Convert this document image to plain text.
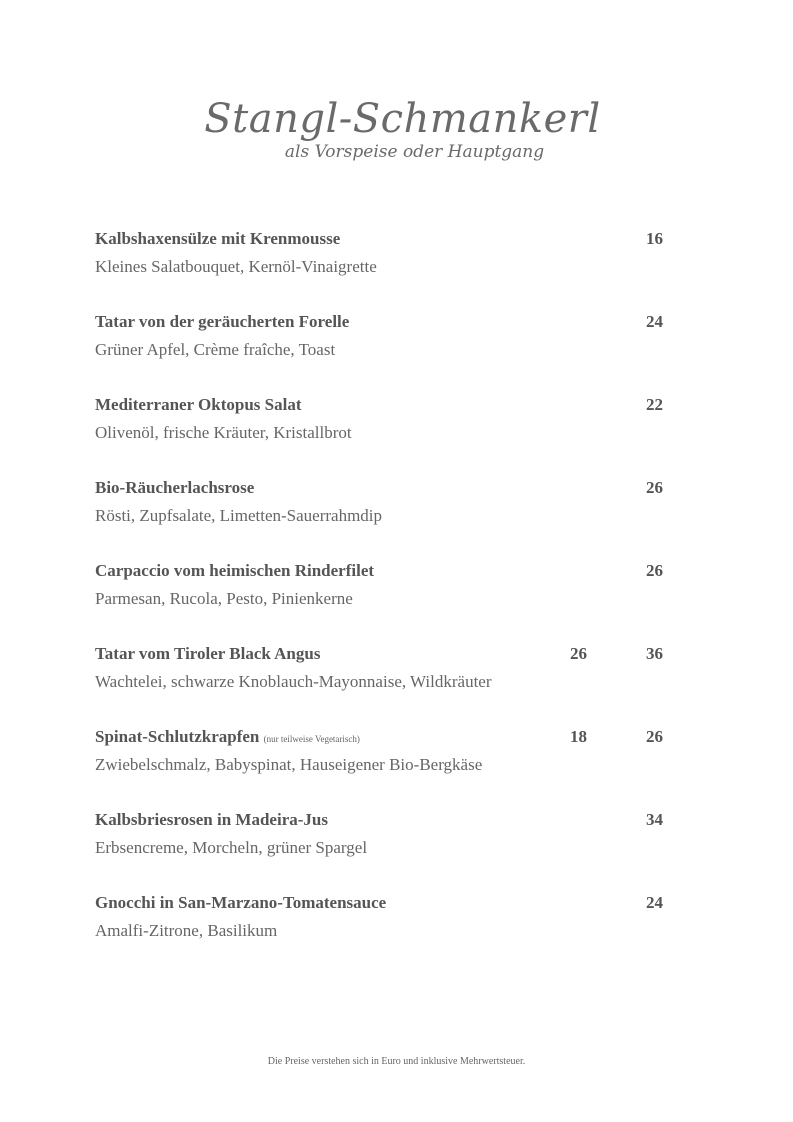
Stangl-Schmankerl
als Vorspeise oder Hauptgang
Kalbshaxensülze mit Krenmousse	16
Kleines Salatbouquet, Kernöl-Vinaigrette
Tatar von der geräucherten Forelle	24
Grüner Apfel, Crème fraîche, Toast
Mediterraner Oktopus Salat	22
Olivenöl, frische Kräuter, Kristallbrot
Bio-Räucherlachsrose	26
Rösti, Zupfsalate, Limetten-Sauerrahmdip
Carpaccio vom heimischen Rinderfilet	26
Parmesan, Rucola, Pesto, Pinienkerne
Tatar vom Tiroler Black Angus	26	36
Wachtelei, schwarze Knoblauch-Mayonnaise, Wildkräuter
Spinat-Schlutzkrapfen (nur teilweise Vegetarisch)	18	26
Zwiebelschmalz, Babyspinat, Hauseigener Bio-Bergkäse
Kalbsbriesrosen in Madeira-Jus	34
Erbsencreme, Morcheln, grüner Spargel
Gnocchi in San-Marzano-Tomatensauce	24
Amalfi-Zitrone, Basilikum
Die Preise verstehen sich in Euro und inklusive Mehrwertsteuer.
